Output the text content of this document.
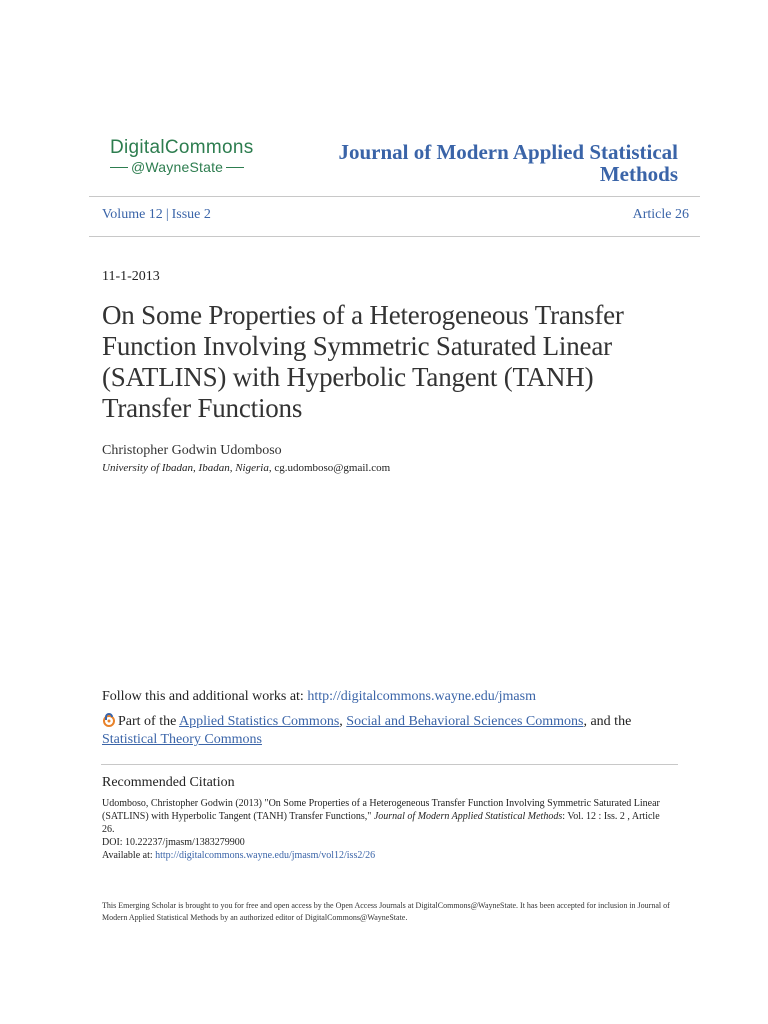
DigitalCommons
@WayneState
Journal of Modern Applied Statistical Methods
Volume 12 | Issue 2	Article 26
11-1-2013
On Some Properties of a Heterogeneous Transfer Function Involving Symmetric Saturated Linear (SATLINS) with Hyperbolic Tangent (TANH) Transfer Functions
Christopher Godwin Udomboso
University of Ibadan, Ibadan, Nigeria, cg.udomboso@gmail.com
Follow this and additional works at: http://digitalcommons.wayne.edu/jmasm
Part of the Applied Statistics Commons, Social and Behavioral Sciences Commons, and the
Statistical Theory Commons
Recommended Citation
Udomboso, Christopher Godwin (2013) "On Some Properties of a Heterogeneous Transfer Function Involving Symmetric Saturated Linear (SATLINS) with Hyperbolic Tangent (TANH) Transfer Functions," Journal of Modern Applied Statistical Methods: Vol. 12 : Iss. 2 , Article 26.
DOI: 10.22237/jmasm/1383279900
Available at: http://digitalcommons.wayne.edu/jmasm/vol12/iss2/26
This Emerging Scholar is brought to you for free and open access by the Open Access Journals at DigitalCommons@WayneState. It has been accepted for inclusion in Journal of Modern Applied Statistical Methods by an authorized editor of DigitalCommons@WayneState.
